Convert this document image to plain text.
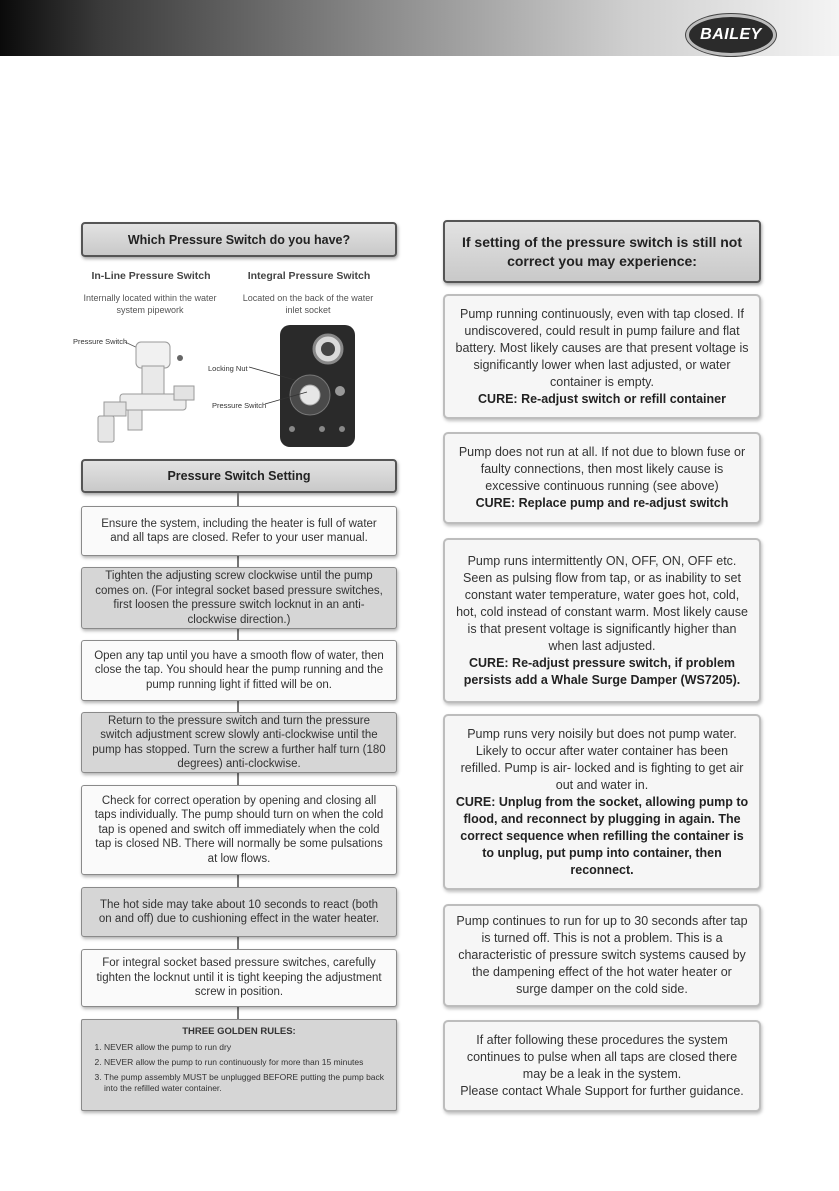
BAILEY
Which Pressure Switch do you have?
In-Line Pressure Switch
Internally located within the water system pipework
Integral Pressure Switch
Located on the back of the water inlet socket
Pressure Switch
Locking Nut
Pressure Switch
Pressure Switch Setting
Ensure the system, including the heater is full of water and all taps are closed. Refer to your user manual.
Tighten the adjusting screw clockwise until the pump comes on. (For integral socket based pressure switches, first loosen the pressure switch locknut in an anti-clockwise direction.)
Open any tap until you have a smooth flow of water, then close the tap. You should hear the pump running and the pump running light if fitted will be on.
Return to the pressure switch and turn the pressure switch adjustment screw slowly anti-clockwise until the pump has stopped. Turn the screw a further half turn (180 degrees) anti-clockwise.
Check for correct operation by opening and closing all taps individually. The pump should turn on when the cold tap is opened and switch off immediately when the cold tap is closed NB. There will normally be some pulsations at low flows.
The hot side may take about 10 seconds to react (both on and off) due to cushioning effect in the water heater.
For integral socket based pressure switches, carefully tighten the locknut until it is tight keeping the adjustment screw in position.
THREE GOLDEN RULES:
1. NEVER allow the pump to run dry
2. NEVER allow the pump to run continuously for more than 15 minutes
3. The pump assembly MUST be unplugged BEFORE putting the pump back into the refilled water container.
If setting of the pressure switch is still not
correct you may experience:
Pump running continuously, even with tap closed. If undiscovered, could result in pump failure and flat battery. Most likely causes are that present voltage is significantly lower when last adjusted, or water container is empty.
CURE: Re-adjust switch or refill container
Pump does not run at all. If not due to blown fuse or faulty connections, then most likely cause is excessive continuous running (see above)
CURE: Replace pump and re-adjust switch
Pump runs intermittently ON, OFF, ON, OFF etc. Seen as pulsing flow from tap, or as inability to set constant water temperature, water goes hot, cold, hot, cold instead of constant warm. Most likely cause is that present voltage is significantly higher than when last adjusted.
CURE: Re-adjust pressure switch, if problem persists add a Whale Surge Damper (WS7205).
Pump runs very noisily but does not pump water. Likely to occur after water container has been refilled. Pump is air- locked and is fighting to get air out and water in.
CURE: Unplug from the socket, allowing pump to flood, and reconnect by plugging in again. The correct sequence when refilling the container is to unplug, put pump into container, then reconnect.
Pump continues to run for up to 30 seconds after tap is turned off. This is not a problem. This is a characteristic of pressure switch systems caused by the dampening effect of the hot water heater or surge damper on the cold side.
If after following these procedures the system continues to pulse when all taps are closed there may be a leak in the system.
Please contact Whale Support for further guidance.
